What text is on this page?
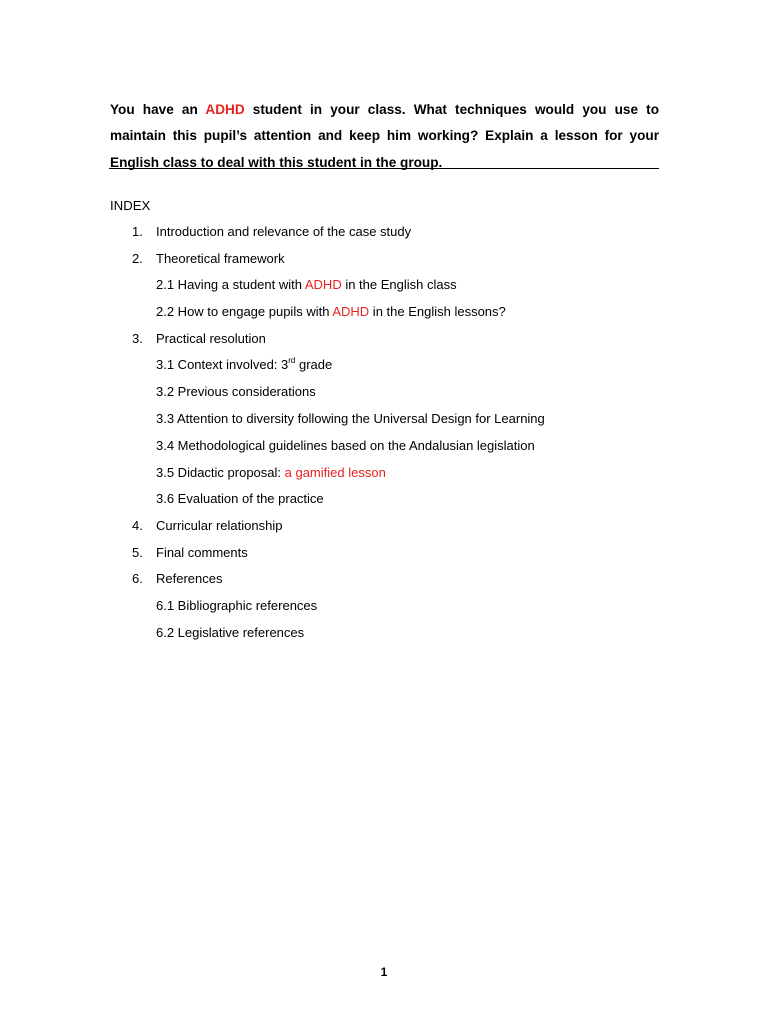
You have an ADHD student in your class. What techniques would you use to maintain this pupil’s attention and keep him working? Explain a lesson for your English class to deal with this student in the group.

INDEX
1. Introduction and relevance of the case study
2. Theoretical framework
2.1 Having a student with ADHD in the English class
2.2 How to engage pupils with ADHD in the English lessons?
3. Practical resolution
3.1 Context involved: 3rd grade
3.2 Previous considerations
3.3 Attention to diversity following the Universal Design for Learning
3.4 Methodological guidelines based on the Andalusian legislation
3.5 Didactic proposal: a gamified lesson
3.6 Evaluation of the practice
4. Curricular relationship
5. Final comments
6. References
6.1 Bibliographic references
6.2 Legislative references
1
